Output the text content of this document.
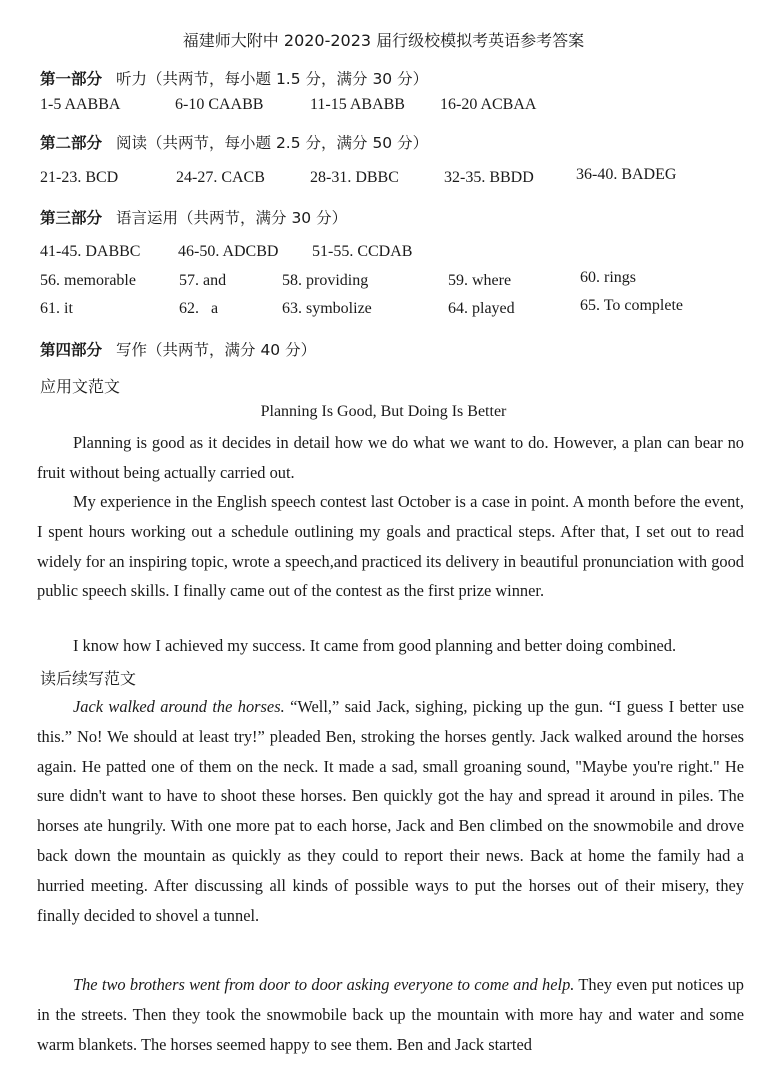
福建师大附中 2020-2023 届行级校模拟考英语参考答案
第一部分 听力（共两节，每小题 1.5 分，满分 30 分）
1-5 AABBA	6-10 CAABB	11-15 ABABB 16-20 ACBAA
第二部分 阅读（共两节，每小题 2.5 分，满分 50 分）
21-23. BCD	24-27. CACB	28-31. DBBC	32-35. BBDD	36-40. BADEG
第三部分 语言运用（共两节，满分 30 分）
41-45. DABBC 46-50. ADCBD 51-55. CCDAB
56. memorable	57. and	58. providing	59. where	60. rings
61. it	62.   a	63. symbolize	64. played	65. To complete
第四部分 写作（共两节，满分 40 分）
应用文范文
Planning Is Good, But Doing Is Better

Planning is good as it decides in detail how we do what we want to do. However, a plan can bear no fruit without being actually carried out.

My experience in the English speech contest last October is a case in point. A month before the event, I spent hours working out a schedule outlining my goals and practical steps. After that, I set out to read widely for an inspiring topic, wrote a speech,and practiced its delivery in beautiful pronunciation with good public speech skills. I finally came out of the contest as the first prize winner.

I know how I achieved my success. It came from good planning and better doing combined.

读后续写范文

Jack walked around the horses. “Well,” said Jack, sighing, picking up the gun. “I guess I better use this.” No! We should at least try!” pleaded Ben, stroking the horses gently. Jack walked around the horses again. He patted one of them on the neck. It made a sad, small groaning sound, "Maybe you're right." He sure didn't want to have to shoot these horses. Ben quickly got the hay and spread it around in piles. The horses ate hungrily. With one more pat to each horse, Jack and Ben climbed on the snowmobile and drove back down the mountain as quickly as they could to report their news. Back at home the family had a hurried meeting. After discussing all kinds of possible ways to put the horses out of their misery, they finally decided to shovel a tunnel.

The two brothers went from door to door asking everyone to come and help. They even put notices up in the streets. Then they took the snowmobile back up the mountain with more hay and water and some warm blankets. The horses seemed happy to see them. Ben and Jack started
